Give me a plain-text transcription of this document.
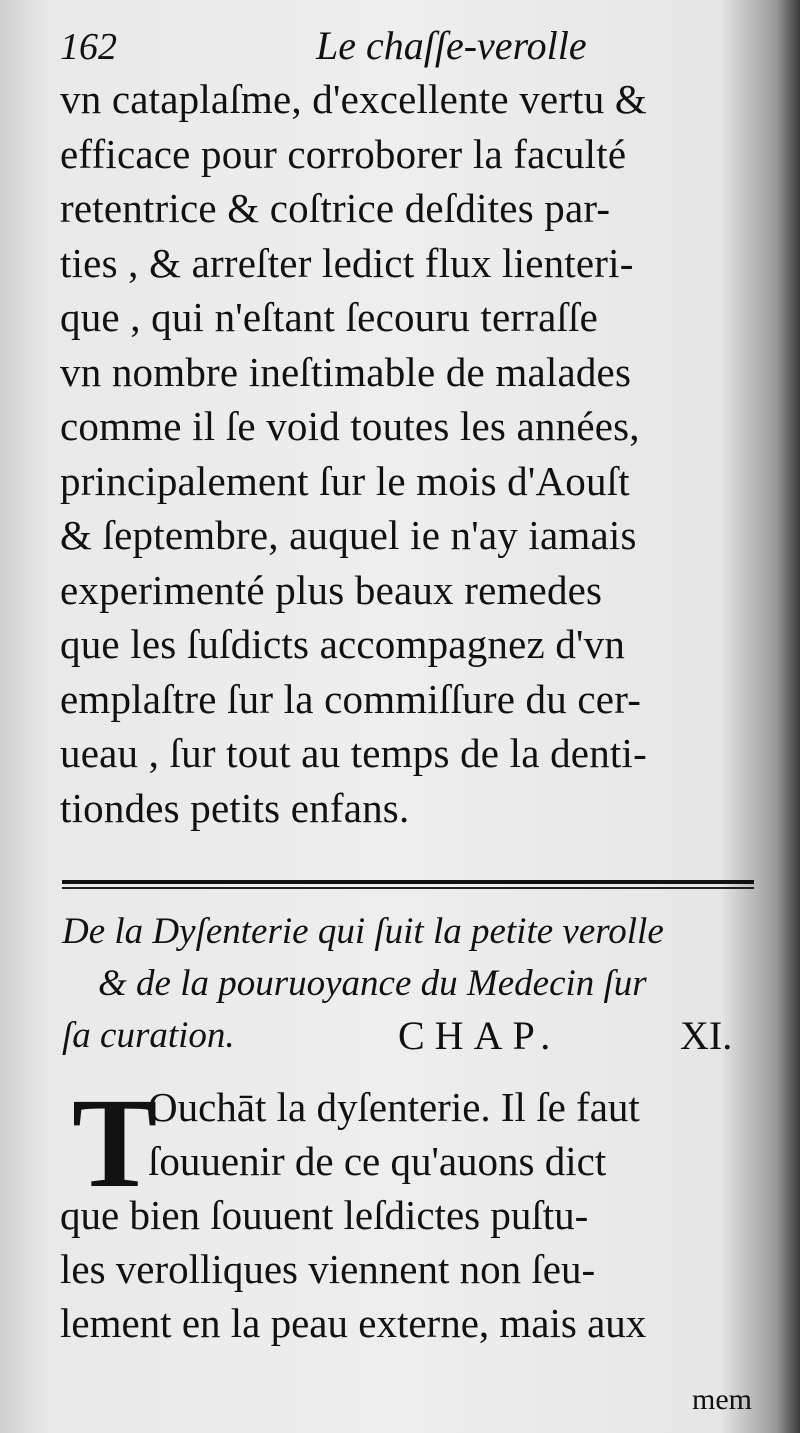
162	Le chaſſe-verolle
vn cataplaſme, d'excellente vertu &
efficace pour corroborer la faculté
retentrice & coſtrice deſdites par-
ties , & arreſter ledict flux lienteri-
que , qui n'eſtant ſecouru terraſſe
vn nombre ineſtimable de malades
comme il ſe void toutes les années,
principalement ſur le mois d'Aouſt
& ſeptembre, auquel ie n'ay iamais
experimenté plus beaux remedes
que les ſuſdicts accompagnez d'vn
emplaſtre ſur la commiſſure du cer-
ueau , ſur tout au temps de la denti-
tiondes petits enfans.
De la Dyſenterie qui ſuit la petite verolle
& de la pouruoyance du Medecin ſur
ſa curation.	CHAP.	XI.
T
Ouchāt la dyſenterie. Il ſe faut
ſouuenir de ce qu'auons dict
que bien ſouuent leſdictes puſtu-
les verolliques viennent non ſeu-
lement en la peau externe, mais aux
mem
